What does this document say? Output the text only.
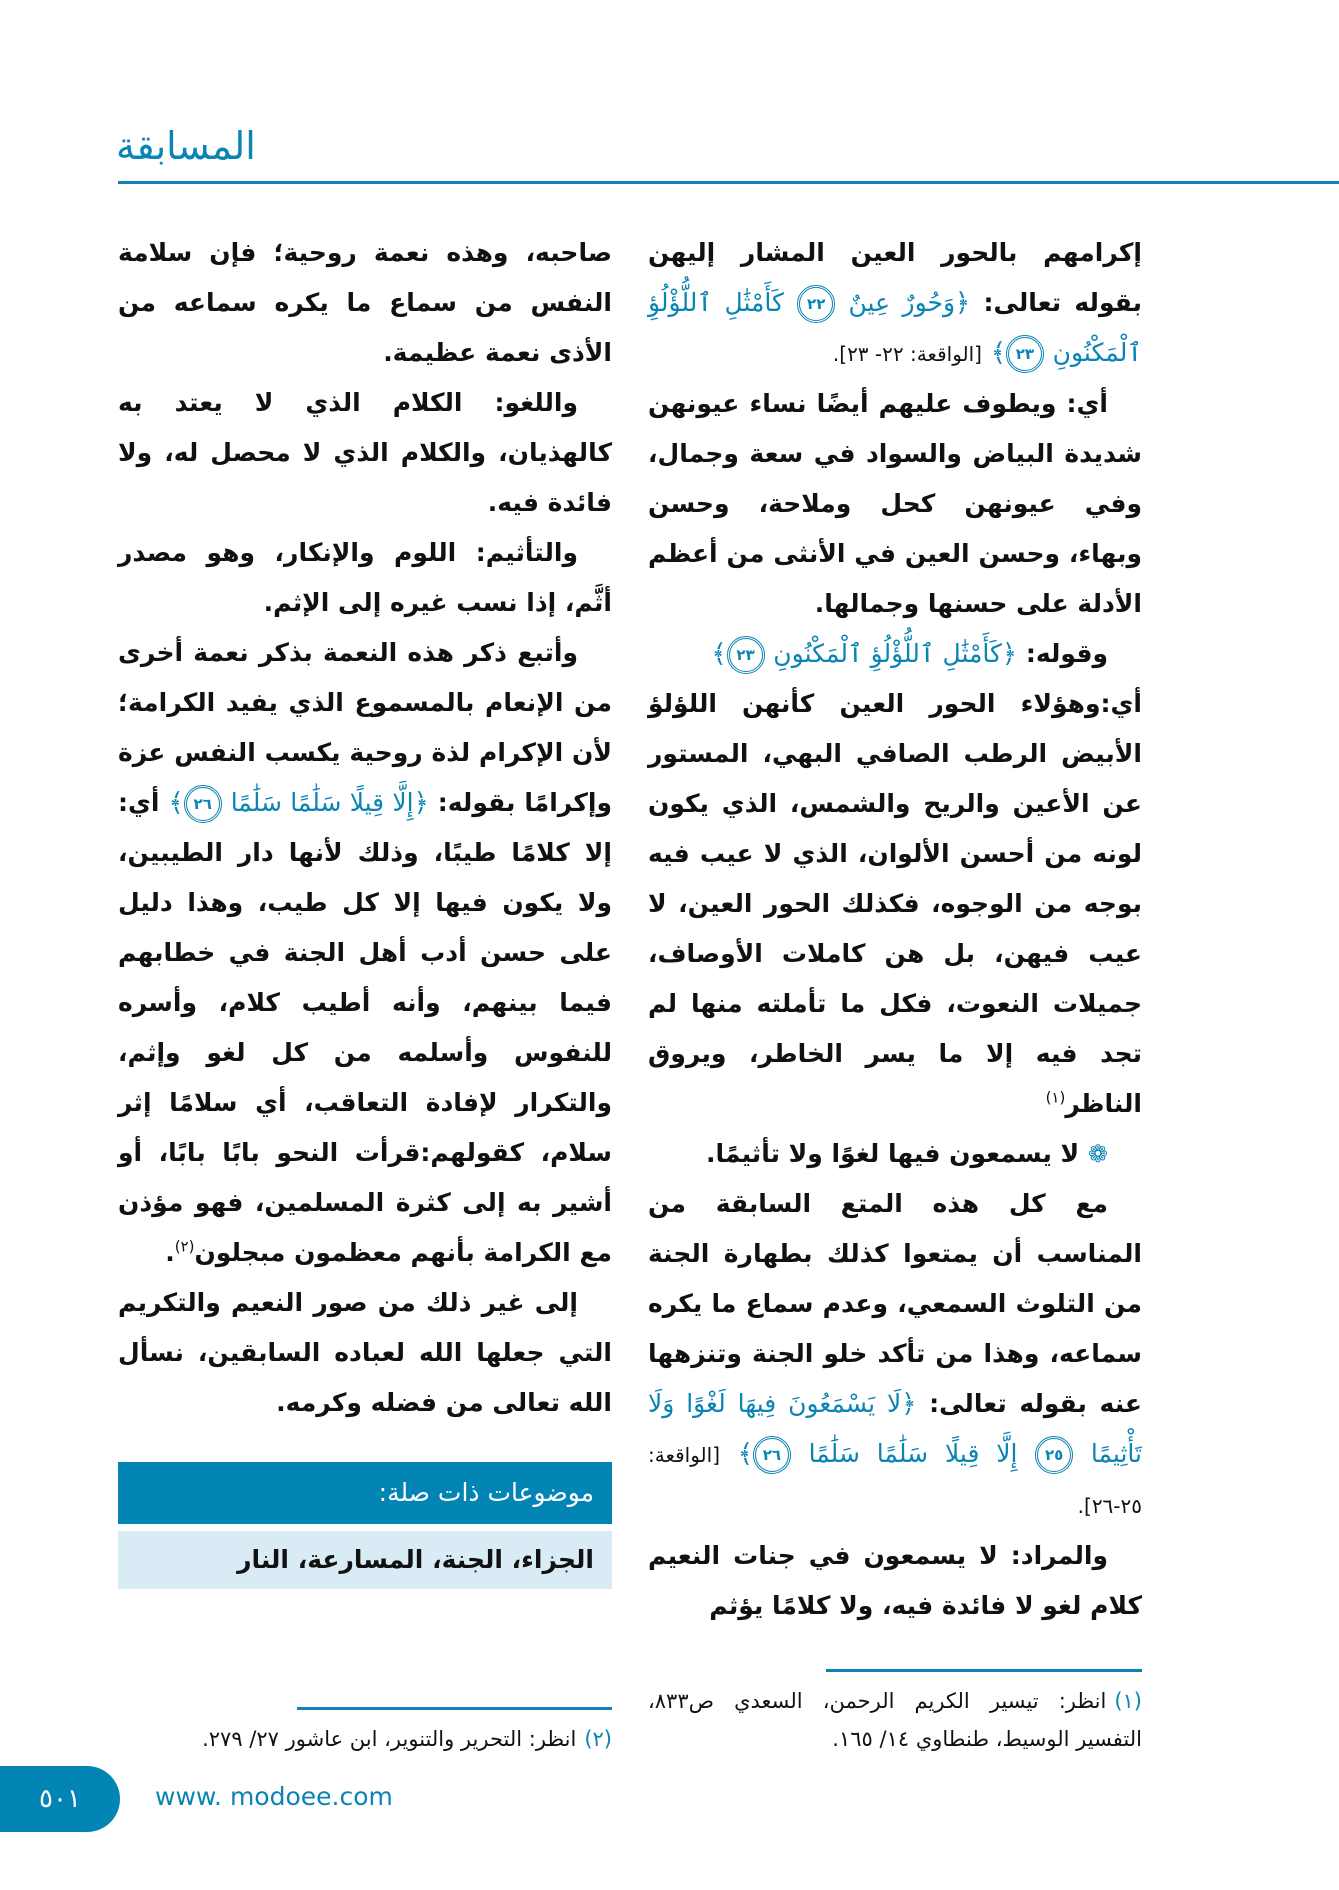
المسابقة

صاحبه، وهذه نعمة روحية؛ فإن سلامة النفس من سماع ما يكره سماعه من الأذى نعمة عظيمة.

واللغو: الكلام الذي لا يعتد به كالهذيان، والكلام الذي لا محصل له، ولا فائدة فيه.

والتأثيم: اللوم والإنكار، وهو مصدر أثَّم، إذا نسب غيره إلى الإثم.

وأتبع ذكر هذه النعمة بذكر نعمة أخرى من الإنعام بالمسموع الذي يفيد الكرامة؛ لأن الإكرام لذة روحية يكسب النفس عزة وإكرامًا بقوله: ﴿إِلَّا قِيلًا سَلَٰمًا سَلَٰمًا ٢٦﴾ أي: إلا كلامًا طيبًا، وذلك لأنها دار الطيبين، ولا يكون فيها إلا كل طيب، وهذا دليل على حسن أدب أهل الجنة في خطابهم فيما بينهم، وأنه أطيب كلام، وأسره للنفوس وأسلمه من كل لغو وإثم، والتكرار لإفادة التعاقب، أي سلامًا إثر سلام، كقولهم:قرأت النحو بابًا بابًا، أو أشير به إلى كثرة المسلمين، فهو مؤذن مع الكرامة بأنهم معظمون مبجلون$^{(٢)}$.

إلى غير ذلك من صور النعيم والتكريم التي جعلها الله لعباده السابقين، نسأل الله تعالى من فضله وكرمه.

موضوعات ذات صلة:
الجزاء، الجنة، المسارعة، النار
(٢)انظر: التحرير والتنوير، ابن عاشور ٢٧/ ٢٧٩.

إكرامهم بالحور العين المشار إليهن بقوله تعالى: ﴿وَحُورٌ عِينٌ ٢٢ كَأَمْثَٰلِ ٱللُّؤْلُؤِ ٱلْمَكْنُونِ ٢٣﴾ [الواقعة: ٢٢- ٢٣].

أي: ويطوف عليهم أيضًا نساء عيونهن شديدة البياض والسواد في سعة وجمال، وفي عيونهن كحل وملاحة، وحسن وبهاء، وحسن العين في الأنثى من أعظم الأدلة على حسنها وجمالها.

وقوله: ﴿كَأَمْثَٰلِ ٱللُّؤْلُؤِ ٱلْمَكْنُونِ ٢٣﴾

أي:وهؤلاء الحور العين كأنهن اللؤلؤ الأبيض الرطب الصافي البهي، المستور عن الأعين والريح والشمس، الذي يكون لونه من أحسن الألوان، الذي لا عيب فيه بوجه من الوجوه، فكذلك الحور العين، لا عيب فيهن، بل هن كاملات الأوصاف، جميلات النعوت، فكل ما تأملته منها لم تجد فيه إلا ما يسر الخاطر، ويروق الناظر$^{(١)}$

❁ لا يسمعون فيها لغوًا ولا تأثيمًا.

مع كل هذه المتع السابقة من المناسب أن يمتعوا كذلك بطهارة الجنة من التلوث السمعي، وعدم سماع ما يكره سماعه، وهذا من تأكد خلو الجنة وتنزهها عنه بقوله تعالى: ﴿لَا يَسْمَعُونَ فِيهَا لَغْوًا وَلَا تَأْثِيمًا ٢٥ إِلَّا قِيلًا سَلَٰمًا سَلَٰمًا ٢٦﴾ [الواقعة: ٢٥-٢٦].

والمراد: لا يسمعون في جنات النعيم كلام لغو لا فائدة فيه، ولا كلامًا يؤثم

(١)انظر: تيسير الكريم الرحمن، السعدي ص٨٣٣، التفسير الوسيط، طنطاوي ١٤/ ١٦٥.
٥٠١	www. modoee.com
